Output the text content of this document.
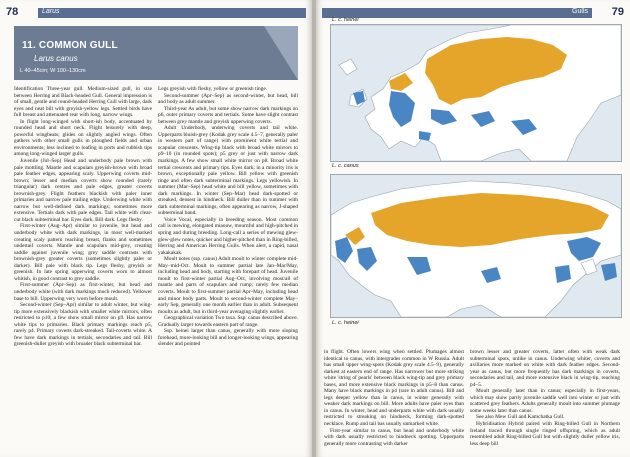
78	Larus
11. COMMON GULL
Larus canus
L 40–45cm; W 100–130cm

Identification Three-year gull. Medium-sized gull, in size between Herring and Black-headed Gull. General impression is of small, gentle and round-headed Herring Gull with large, dark eyes and neat bill with greyish-yellow legs. Settled birds have full breast and attenuated rear with long, narrow wings.

In flight long-winged with short-ish body, accentuated by rounded head and short neck. Flight leisurely with deep, powerful wingbeats; glides on slightly angled wings. Often gathers with other small gulls in ploughed fields and urban environments; less inclined to loafing in ports and rubbish tips among long-winged larger gulls.

Juvenile (Jul–Sep) Head and underbody pale brown with pale mottling. Mantle and scapulars greyish-brown with broad pale feather edges, appearing scaly. Upperwing coverts mid-brown; lesser and median coverts show rounded (rarely triangular) dark centres and pale edges, greater coverts brownish-grey. Flight feathers blackish with paler inner primaries and narrow pale trailing edge. Underwing white with narrow but well-defined dark markings; sometimes more extensive. Tertials dark with pale edges. Tail white with clear-cut black subterminal bar. Eyes dark. Bill dark. Legs fleshy.

First-winter (Aug–Apr) similar to juvenile, but head and underbody white with dark markings, in most well-marked creating scaly pattern reaching breast, flanks and sometimes undertail coverts. Mantle and scapulars mid-grey, creating saddle against juvenile wing; grey saddle contrasts with brownish-grey greater coverts (sometimes slightly paler or darker). Bill pale with black tip. Legs fleshy, greyish or greenish. In late spring upperwing coverts worn to almost whitish, in good contrast to grey saddle.

First-summer (Apr–Sep) as first-winter, but head and underbody white (with dark markings much reduced). Yellower base to bill. Upperwing very worn before moult.

Second-winter (Sep–Apr) similar to adult winter, but wing-tip more extensively blackish with smaller white mirrors, often restricted to p10; a few show small mirror on p9. Has narrow white tips to primaries. Black primary markings reach p5, rarely p4. Primary coverts dark-streaked. Tail-coverts white. A few have dark markings in tertials, secondaries and tail. Bill greenish-duller greyish with broader black subterminal bar.

Legs greyish with fleshy, yellow or greenish tinge.

Second-summer (Apr–Sep) as second-winter, but head, bill and body as adult summer.

Third-year As adult, but some show narrow dark markings on p6, outer primary coverts and tertials. Some have slight contrast between grey mantle and greyish upperwing coverts.

Adult Underbody, underwing coverts and tail white. Upperparts bluish-grey (Kodak grey scale 4.5–7, generally paler in western part of range) with prominent white tertial and scapular crescents. Wing-tip black with broad white mirrors to p9–10 (in rounded spots); p5 grey or just with narrow dark markings. A few show small white mirror on p8. Broad white tertial crescents and primary tips. Eyes dark; in a minority iris is brown, exceptionally pale yellow. Bill yellow with greenish tinge and often dark subterminal markings. Legs yellowish. In summer (Mar–Sep) head white and bill yellow, sometimes with dark markings. In winter (Sep–Mar) head dark-spotted or streaked, densest in hindneck. Bill duller than in summer with dark subterminal markings, often appearing as narrow, J-shaped subterminal band.

Voice Vocal, especially in breeding season. Most common call is mewing, elongated miaouw, mournful and high-pitched in spring and during breeding. Long-call a series of mewing glew-glew-glew notes, quicker and higher-pitched than in Ring-billed, Herring and American Herring Gulls. When alert, a rapid, nasal yakakakak.

Moult notes (ssp. canus) Adult moult to winter complete mid-May–mid-Oct. Moult to summer partial late Jan–Mar/May, including head and body, starting with forepart of head. Juvenile moult to first-winter partial Aug–Oct, involving most/all of mantle and parts of scapulars and rump; rarely few median coverts. Moult to first-summer partial Apr–May, including head and minor body parts. Moult to second-winter complete May–early Sep, generally one month earlier than in adult. Subsequent moults as adult, but in third-year averaging slightly earlier.

Geographical variation Two taxa. Ssp. canus described above. Gradually larger towards eastern part of range.

Ssp. heinei larger than canus, generally with more sloping forehead, more-looking bill and longer-looking wings, appearing slender and pointed

Gulls 79
L. c. heinei
L. c. canus
L. c. heinei

in flight. Often lowers wing when settled. Plumages almost identical to canus, with intergrades common in W Russia. Adult has small upper wing-spots (Kodak grey scale 4.5–9), generally darkest at eastern end of range. Has narrower but more striking white 'string of pearls' between black wing-tip and grey primary bases, and more extensive black markings in p5–8 than canus. Many have black markings in p4 (rare in adult canus). Bill and legs deeper yellow than in canus, in winter generally with weaker dark markings on bill. More adults have paler eyes than in canus. In winter, head and underparts white with dark usually restricted to streaking on hindneck, forming dark-spotted necklace. Rump and tail bas usually unmarked white.

First-year similar to canus, but head and underbody white with dark usually restricted to hindneck spotting. Upperparts generally more contrasting with darker

brown lesser and greater coverts, latter often with weak dark subterminal spots, unlike in canus. Underwing whiter, coverts and axillaries more marked on white with dark feather edges. Second-year as canus, but more frequently has dark markings in coverts, secondaries and tail, and more extensive black in wing-tip, reaching p4–5.

Moult generally later than in canus; especially in first-years, which may show partly juvenile saddle well into winter or just with scattered grey feathers. Adults generally moult into summer plumage some weeks later than canus.

See also Mew Gull and Kamchatka Gull.

Hybridisation Hybrid paired with Ring-billed Gull in Northern Ireland traced through single ringed offspring, which as adult resembled adult Ring-billed Gull but with slightly duller yellow iris, less deep bill
